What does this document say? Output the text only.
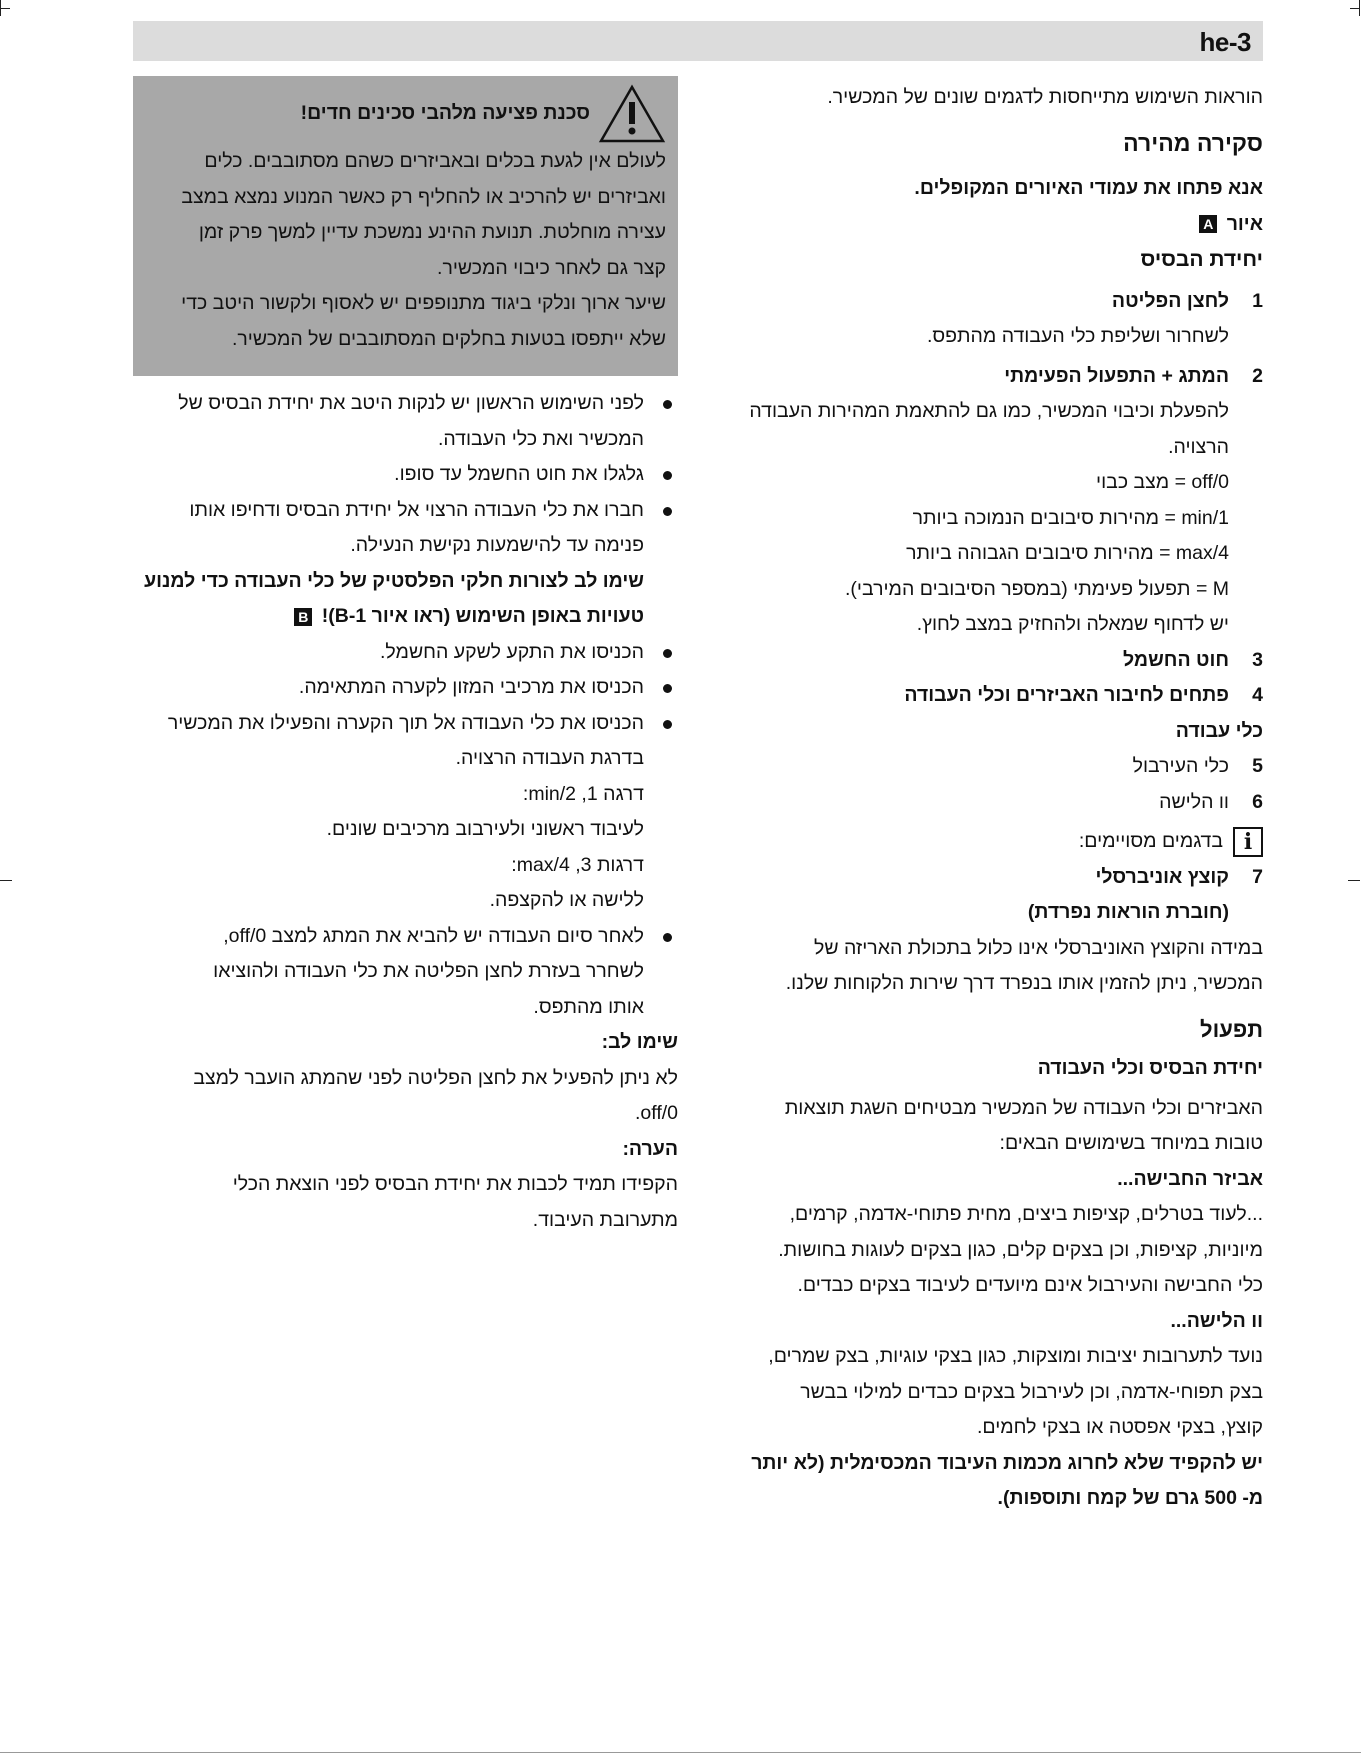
he-3
הוראות השימוש מתייחסות לדגמים שונים של המכשיר.
סקירה מהירה
אנא פתחו את עמודי האיורים המקופלים.
איור A
יחידת הבסיס
1לחצן הפליטה
לשחרור ושליפת כלי העבודה מהתפס.
2המתג + התפעול הפעימתי
להפעלת וכיבוי המכשיר, כמו גם להתאמת המהירות העבודה
הרצויה.
off/0 = מצב כבוי
min/1 = מהירות סיבובים הנמוכה ביותר
max/4 = מהירות סיבובים הגבוהה ביותר
M = תפעול פעימתי (במספר הסיבובים המירבי).
יש לדחוף שמאלה ולהחזיק במצב לחוץ.
3חוט החשמל
4פתחים לחיבור האביזרים וכלי העבודה
כלי עבודה
5כלי העירבול
6וו הלישה
iבדגמים מסויימים:
7קוצץ אוניברסלי
(חוברת הוראות נפרדת)
במידה והקוצץ האוניברסלי אינו כלול בתכולת האריזה של
המכשיר, ניתן להזמין אותו בנפרד דרך שירות הלקוחות שלנו.
תפעול
יחידת הבסיס וכלי העבודה
האביזרים וכלי העבודה של המכשיר מבטיחים השגת תוצאות
טובות במיוחד בשימושים הבאים:
אביזר החבישה...
...לעוד בטרלים, קציפות ביצים, מחית פתוחי-אדמה, קרמים,
מיוניות, קציפות, וכן בצקים קלים, כגון בצקים לעוגות בחושות.
כלי החבישה והעירבול אינם מיועדים לעיבוד בצקים כבדים.
וו הלישה...
נועד לתערובות יציבות ומוצקות, כגון בצקי עוגיות, בצק שמרים,
בצק תפוחי-אדמה, וכן לעירבול בצקים כבדים למילוי בבשר
קוצץ, בצקי אפסטה או בצקי לחמים.
יש להקפיד שלא לחרוג מכמות העיבוד המכסימלית (לא יותר
מ- 500 גרם של קמח ותוספות).
סכנת פציעה מלהבי סכינים חדים!
לעולם אין לגעת בכלים ובאביזרים כשהם מסתובבים. כלים
ואביזרים יש להרכיב או להחליף רק כאשר המנוע נמצא במצב
עצירה מוחלטת. תנועת ההינע נמשכת עדיין למשך פרק זמן
קצר גם לאחר כיבוי המכשיר.
שיער ארוך ונלקי ביגוד מתנופפים יש לאסוף ולקשור היטב כדי
שלא ייתפסו בטעות בחלקים המסתובבים של המכשיר.
לפני השימוש הראשון יש לנקות היטב את יחידת הבסיס של
המכשיר ואת כלי העבודה.
גלגלו את חוט החשמל עד סופו.
חברו את כלי העבודה הרצוי אל יחידת הבסיס ודחיפו אותו
פנימה עד להישמעות נקישת הנעילה.
שימו לב לצורות חלקי הפלסטיק של כלי העבודה כדי למנוע
טעויות באופן השימוש (ראו איור 1-B)! B
הכניסו את התקע לשקע החשמל.
הכניסו את מרכיבי המזון לקערה המתאימה.
הכניסו את כלי העבודה אל תוך הקערה והפעילו את המכשיר
בדרגת העבודה הרצויה.
דרגה 1, min/2:
לעיבוד ראשוני ולעירבוב מרכיבים שונים.
דרגות 3, max/4:
ללישה או להקצפה.
לאחר סיום העבודה יש להביא את המתג למצב off/0,
לשחרר בעזרת לחצן הפליטה את כלי העבודה ולהוציאו
אותו מהתפס.
שימו לב:
לא ניתן להפעיל את לחצן הפליטה לפני שהמתג הועבר למצב
off/0.
הערה:
הקפידו תמיד לכבות את יחידת הבסיס לפני הוצאת הכלי
מתערובת העיבוד.
